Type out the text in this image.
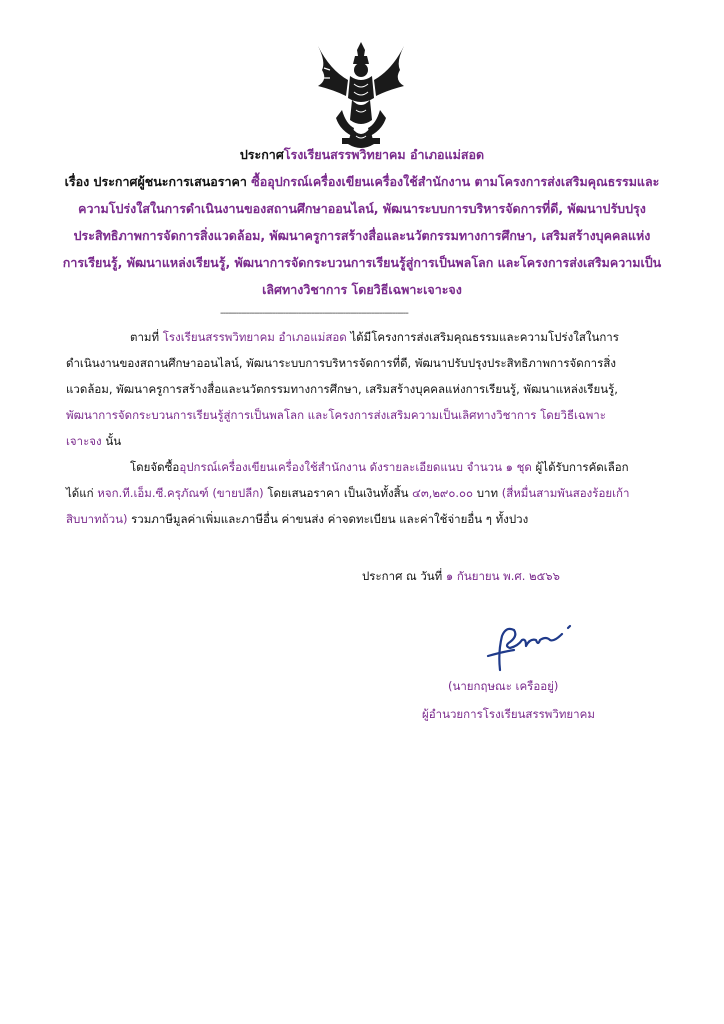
ประกาศโรงเรียนสรรพวิทยาคม อำเภอแม่สอด
เรื่อง ประกาศผู้ชนะการเสนอราคา ซื้ออุปกรณ์เครื่องเขียนเครื่องใช้สำนักงาน ตามโครงการส่งเสริมคุณธรรมและ
ความโปร่งใสในการดำเนินงานของสถานศึกษาออนไลน์, พัฒนาระบบการบริหารจัดการที่ดี, พัฒนาปรับปรุง
ประสิทธิภาพการจัดการสิ่งแวดล้อม, พัฒนาครูการสร้างสื่อและนวัตกรรมทางการศึกษา, เสริมสร้างบุคคลแห่ง
การเรียนรู้, พัฒนาแหล่งเรียนรู้, พัฒนาการจัดกระบวนการเรียนรู้สู่การเป็นพลโลก และโครงการส่งเสริมความเป็น
เลิศทางวิชาการ โดยวิธีเฉพาะเจาะจง
------------------------------------------------------------------------
ตามที่ โรงเรียนสรรพวิทยาคม อำเภอแม่สอด ได้มีโครงการส่งเสริมคุณธรรมและความโปร่งใสในการ
ดำเนินงานของสถานศึกษาออนไลน์, พัฒนาระบบการบริหารจัดการที่ดี, พัฒนาปรับปรุงประสิทธิภาพการจัดการสิ่ง
แวดล้อม, พัฒนาครูการสร้างสื่อและนวัตกรรมทางการศึกษา, เสริมสร้างบุคคลแห่งการเรียนรู้, พัฒนาแหล่งเรียนรู้,
พัฒนาการจัดกระบวนการเรียนรู้สู่การเป็นพลโลก และโครงการส่งเสริมความเป็นเลิศทางวิชาการ โดยวิธีเฉพาะ
เจาะจง นั้น
โดยจัดซื้ออุปกรณ์เครื่องเขียนเครื่องใช้สำนักงาน ดังรายละเอียดแนบ จำนวน ๑ ชุด ผู้ได้รับการคัดเลือก
ได้แก่ หจก.ที.เอ็ม.ซี.ครุภัณฑ์ (ขายปลีก) โดยเสนอราคา เป็นเงินทั้งสิ้น ๔๓,๒๙๐.๐๐ บาท (สี่หมื่นสามพันสองร้อยเก้า
สิบบาทถ้วน) รวมภาษีมูลค่าเพิ่มและภาษีอื่น ค่าขนส่ง ค่าจดทะเบียน และค่าใช้จ่ายอื่น ๆ ทั้งปวง
ประกาศ ณ วันที่ ๑ กันยายน พ.ศ. ๒๕๖๖
(นายกฤษณะ เครืออยู่)
ผู้อำนวยการโรงเรียนสรรพวิทยาคม
